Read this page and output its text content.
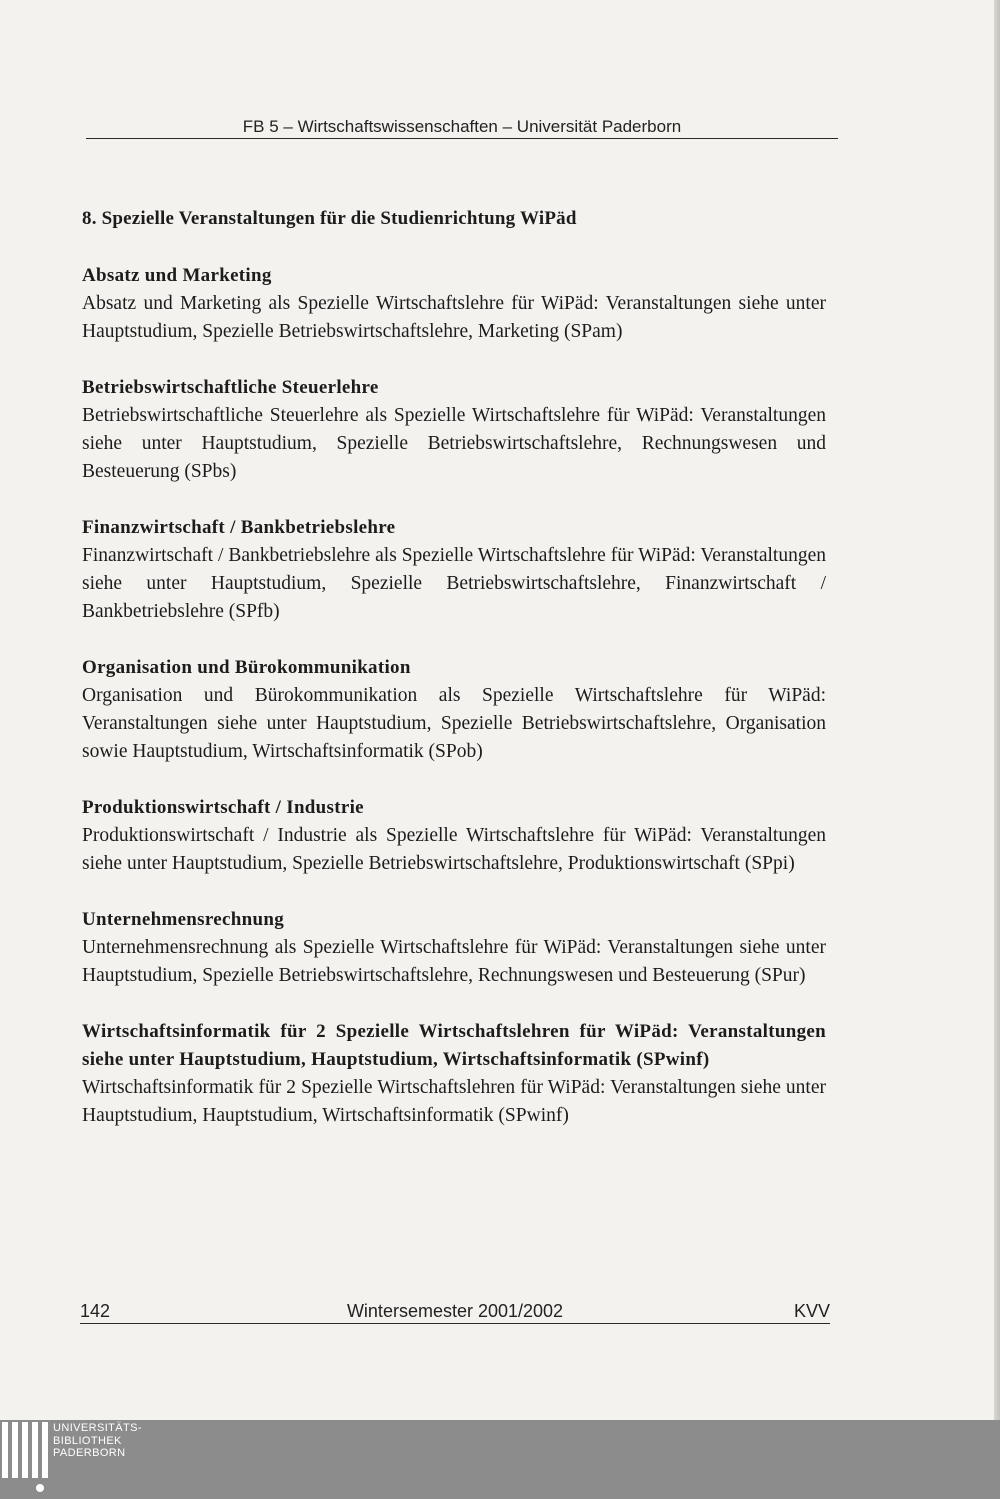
FB 5 – Wirtschaftswissenschaften – Universität Paderborn
8. Spezielle Veranstaltungen für die Studienrichtung WiPäd
Absatz und Marketing
Absatz und Marketing als Spezielle Wirtschaftslehre für WiPäd: Veranstaltungen siehe unter Hauptstudium, Spezielle Betriebswirtschaftslehre, Marketing (SPam)
Betriebswirtschaftliche Steuerlehre
Betriebswirtschaftliche Steuerlehre als Spezielle Wirtschaftslehre für WiPäd: Veranstaltungen siehe unter Hauptstudium, Spezielle Betriebswirtschaftslehre, Rechnungswesen und Besteuerung (SPbs)
Finanzwirtschaft / Bankbetriebslehre
Finanzwirtschaft / Bankbetriebslehre als Spezielle Wirtschaftslehre für WiPäd: Veranstaltungen siehe unter Hauptstudium, Spezielle Betriebswirtschaftslehre, Finanzwirtschaft / Bankbetriebslehre (SPfb)
Organisation und Bürokommunikation
Organisation und Bürokommunikation als Spezielle Wirtschaftslehre für WiPäd: Veranstaltungen siehe unter Hauptstudium, Spezielle Betriebswirtschaftslehre, Organisation sowie Hauptstudium, Wirtschaftsinformatik (SPob)
Produktionswirtschaft / Industrie
Produktionswirtschaft / Industrie als Spezielle Wirtschaftslehre für WiPäd: Veranstaltungen siehe unter Hauptstudium, Spezielle Betriebswirtschaftslehre, Produktionswirtschaft (SPpi)
Unternehmensrechnung
Unternehmensrechnung als Spezielle Wirtschaftslehre für WiPäd: Veranstaltungen siehe unter Hauptstudium, Spezielle Betriebswirtschaftslehre, Rechnungswesen und Besteuerung (SPur)
Wirtschaftsinformatik für 2 Spezielle Wirtschaftslehren für WiPäd: Veranstaltungen siehe unter Hauptstudium, Hauptstudium, Wirtschaftsinformatik (SPwinf)
Wirtschaftsinformatik für 2 Spezielle Wirtschaftslehren für WiPäd: Veranstaltungen siehe unter Hauptstudium, Hauptstudium, Wirtschaftsinformatik (SPwinf)
142	Wintersemester 2001/2002	KVV
UNIVERSITÄTS-
BIBLIOTHEK
PADERBORN
